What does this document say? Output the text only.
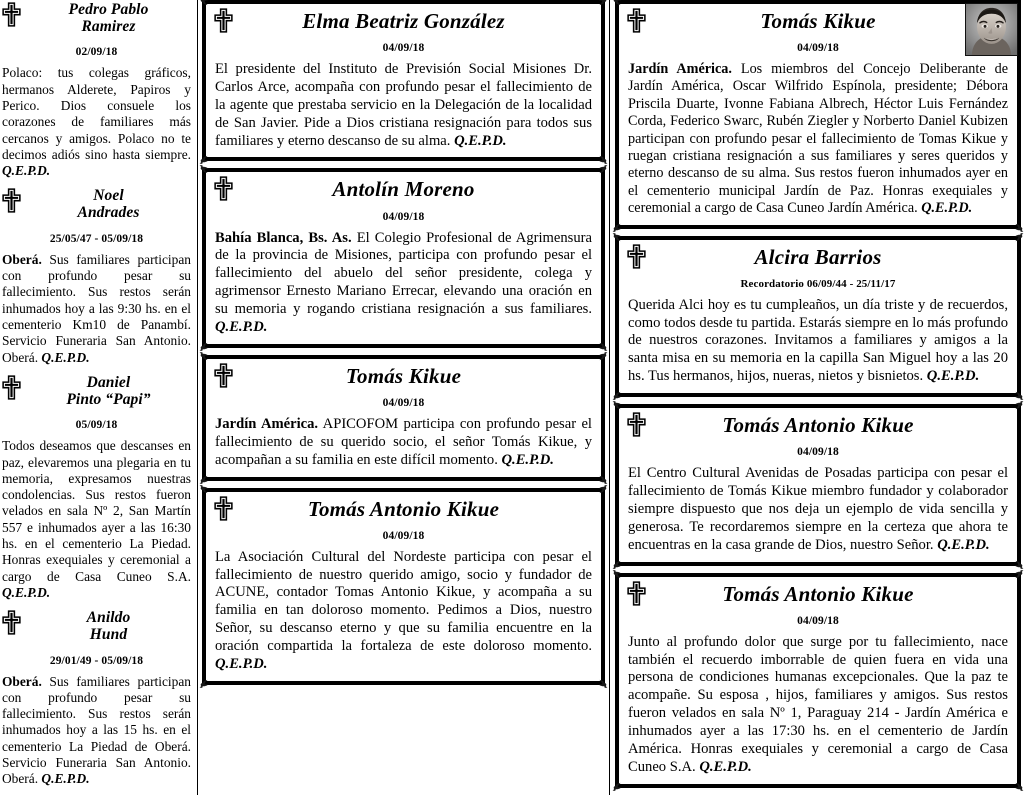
Pedro Pablo
Ramirez
02/09/18
Polaco: tus colegas gráficos, hermanos Alderete, Papiros y Perico. Dios consuele los corazones de familiares más cercanos y amigos. Polaco no te decimos adiós sino hasta siempre. Q.E.P.D.
Noel
Andrades
25/05/47 - 05/09/18
Oberá. Sus familiares participan con profundo pesar su fallecimiento. Sus restos serán inhumados hoy a las 9:30 hs. en el cementerio Km10 de Panambí. Servicio Funeraria San Antonio. Oberá. Q.E.P.D.
Daniel
Pinto “Papi”
05/09/18
Todos deseamos que descanses en paz, elevaremos una plegaria en tu memoria, expresamos nuestras condolencias. Sus restos fueron velados en sala Nº 2, San Martín 557 e inhumados ayer a las 16:30 hs. en el cementerio La Piedad. Honras exequiales y ceremonial a cargo de Casa Cuneo S.A. Q.E.P.D.
Anildo
Hund
29/01/49 - 05/09/18
Oberá. Sus familiares participan con profundo pesar su fallecimiento. Sus restos serán inhumados hoy a las 15 hs. en el cementerio La Piedad de Oberá. Servicio Funeraria San Antonio. Oberá. Q.E.P.D.
Elma Beatriz González
04/09/18
El presidente del Instituto de Previsión Social Misiones Dr. Carlos Arce, acompaña con profundo pesar el fallecimiento de la agente que prestaba servicio en la Delegación de la localidad de San Javier. Pide a Dios cristiana resignación para todos sus familiares y eterno descanso de su alma. Q.E.P.D.
Antolín Moreno
04/09/18
Bahía Blanca, Bs. As. El Colegio Profesional de Agrimensura de la provincia de Misiones, participa con profundo pesar el fallecimiento del abuelo del señor presidente, colega y agrimensor Ernesto Mariano Errecar, elevando una oración en su memoria y rogando cristiana resignación a sus familiares. Q.E.P.D.
Tomás Kikue
04/09/18
Jardín América. APICOFOM participa con profundo pesar el fallecimiento de su querido socio, el señor Tomás Kikue, y acompañan a su familia en este difícil momento. Q.E.P.D.
Tomás Antonio Kikue
04/09/18
La Asociación Cultural del Nordeste participa con pesar el fallecimiento de nuestro querido amigo, socio y fundador de ACUNE, contador Tomas Antonio Kikue, y acompaña a su familia en tan doloroso momento. Pedimos a Dios, nuestro Señor, su descanso eterno y que su familia encuentre en la oración compartida la fortaleza de este doloroso momento. Q.E.P.D.
Tomás Kikue
04/09/18
Jardín América. Los miembros del Concejo Deliberante de Jardín América, Oscar Wilfrido Espínola, presidente; Débora Priscila Duarte, Ivonne Fabiana Albrech, Héctor Luis Fernández Corda, Federico Swarc, Rubén Ziegler y Norberto Daniel Kubizen participan con profundo pesar el fallecimiento de Tomas Kikue y ruegan cristiana resignación a sus familiares y seres queridos y eterno descanso de su alma. Sus restos fueron inhumados ayer en el cementerio municipal Jardín de Paz. Honras exequiales y ceremonial a cargo de Casa Cuneo Jardín América. Q.E.P.D.
Alcira Barrios
Recordatorio 06/09/44 - 25/11/17
Querida Alci hoy es tu cumpleaños, un día triste y de recuerdos, como todos desde tu partida. Estarás siempre en lo más profundo de nuestros corazones. Invitamos a familiares y amigos a la santa misa en su memoria en la capilla San Miguel hoy a las 20 hs. Tus hermanos, hijos, nueras, nietos y bisnietos. Q.E.P.D.
Tomás Antonio Kikue
04/09/18
El Centro Cultural Avenidas de Posadas participa con pesar el fallecimiento de Tomás Kikue miembro fundador y colaborador siempre dispuesto que nos deja un ejemplo de vida sencilla y generosa. Te recordaremos siempre en la certeza que ahora te encuentras en la casa grande de Dios, nuestro Señor. Q.E.P.D.
Tomás Antonio Kikue
04/09/18
Junto al profundo dolor que surge por tu fallecimiento, nace también el recuerdo imborrable de quien fuera en vida una persona de condiciones humanas excepcionales. Que la paz te acompañe. Su esposa , hijos, familiares y amigos. Sus restos fueron velados en sala Nº 1, Paraguay 214 - Jardín América e inhumados ayer a las 17:30 hs. en el cementerio de Jardín América. Honras exequiales y ceremonial a cargo de Casa Cuneo S.A. Q.E.P.D.
